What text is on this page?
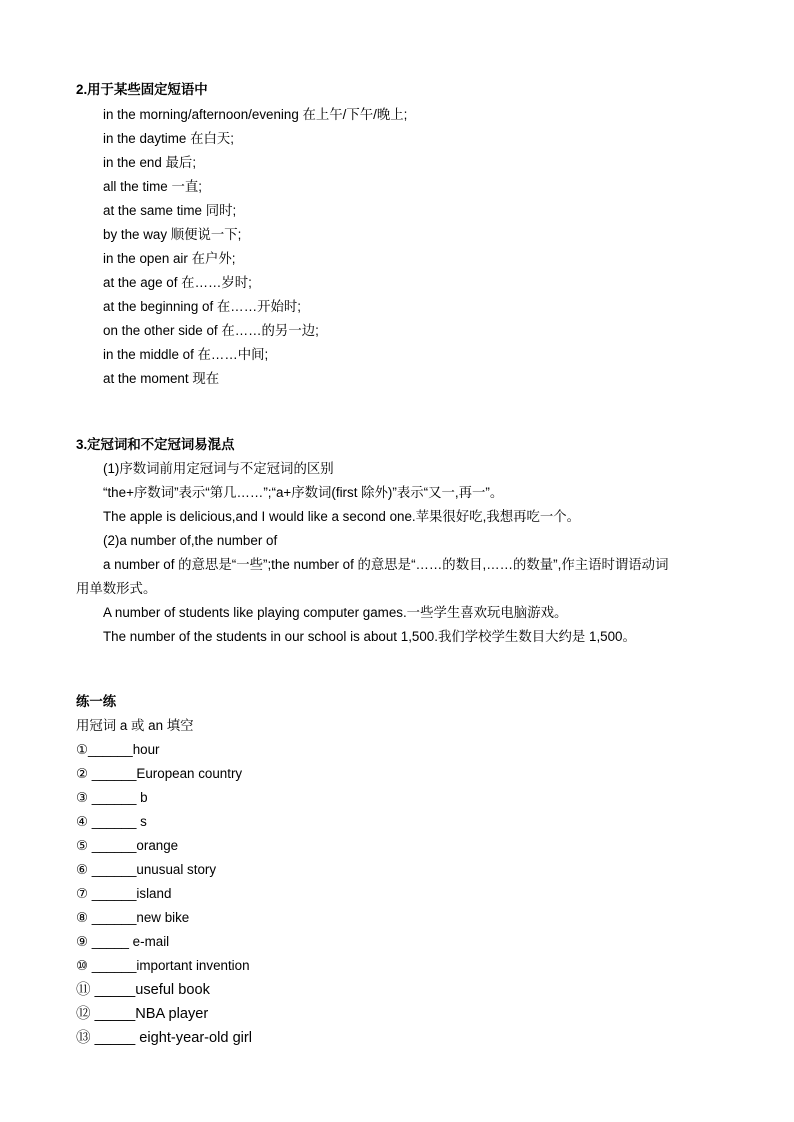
2.用于某些固定短语中
in the morning/afternoon/evening 在上午/下午/晚上;
in the daytime 在白天;
in the end 最后;
all the time 一直;
at the same time 同时;
by the way 顺便说一下;
in the open air 在户外;
at the age of 在……岁时;
at the beginning of 在……开始时;
on the other side of 在……的另一边;
in the middle of 在……中间;
at the moment 现在
3.定冠词和不定冠词易混点
(1)序数词前用定冠词与不定冠词的区别
“the+序数词”表示“第几……”;“a+序数词(first 除外)”表示“又一,再一”。
The apple is delicious,and I would like a second one.苹果很好吃,我想再吃一个。
(2)a number of,the number of
a number of 的意思是“一些”;the number of 的意思是“……的数目,……的数量”,作主语时谓语动词
用单数形式。
A number of students like playing computer games.一些学生喜欢玩电脑游戏。
The number of the students in our school is about 1,500.我们学校学生数目大约是 1,500。
练一练
用冠词 a 或 an 填空
①______hour
② ______European country
③ ______ b
④ ______ s
⑤ ______orange
⑥ ______unusual story
⑦ ______island
⑧ ______new bike
⑨ _____ e-mail
⑩ ______important invention
⑪ _____useful book
⑫ _____NBA player
⑬ _____ eight-year-old girl
